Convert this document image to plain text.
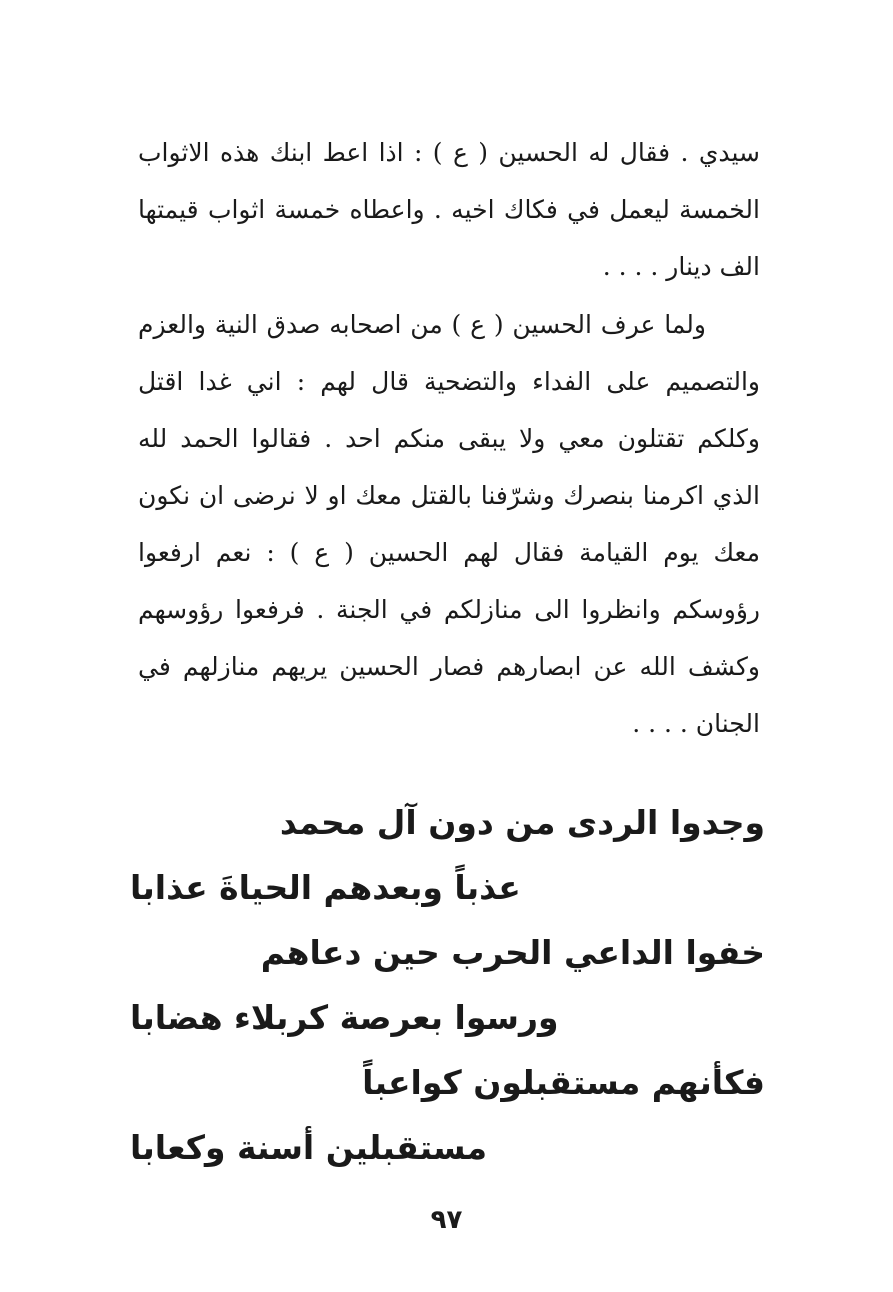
سيدي . فقال له الحسين ( ع ) : اذا اعط ابنك هذه الاثواب الخمسة ليعمل في فكاك اخيه . واعطاه خمسة اثواب قيمتها الف دينار . . . .

ولما عرف الحسين ( ع ) من اصحابه صدق النية والعزم والتصميم على الفداء والتضحية قال لهم : اني غدا اقتل وكلكم تقتلون معي ولا يبقى منكم احد . فقالوا الحمد لله الذي اكرمنا بنصرك وشرّفنا بالقتل معك او لا نرضى ان نكون معك يوم القيامة فقال لهم الحسين ( ع ) : نعم ارفعوا رؤوسكم وانظروا الى منازلكم في الجنة . فرفعوا رؤوسهم وكشف الله عن ابصارهم فصار الحسين يريهم منازلهم في الجنان . . . .

وجدوا الردى من دون آل محمد
عذباً وبعدهم الحياةَ عذابا
خفوا الداعي الحرب حين دعاهم
ورسوا بعرصة كربلاء هضابا
فكأنهم مستقبلون كواعباً
مستقبلين أسنة وكعابا
٩٧
